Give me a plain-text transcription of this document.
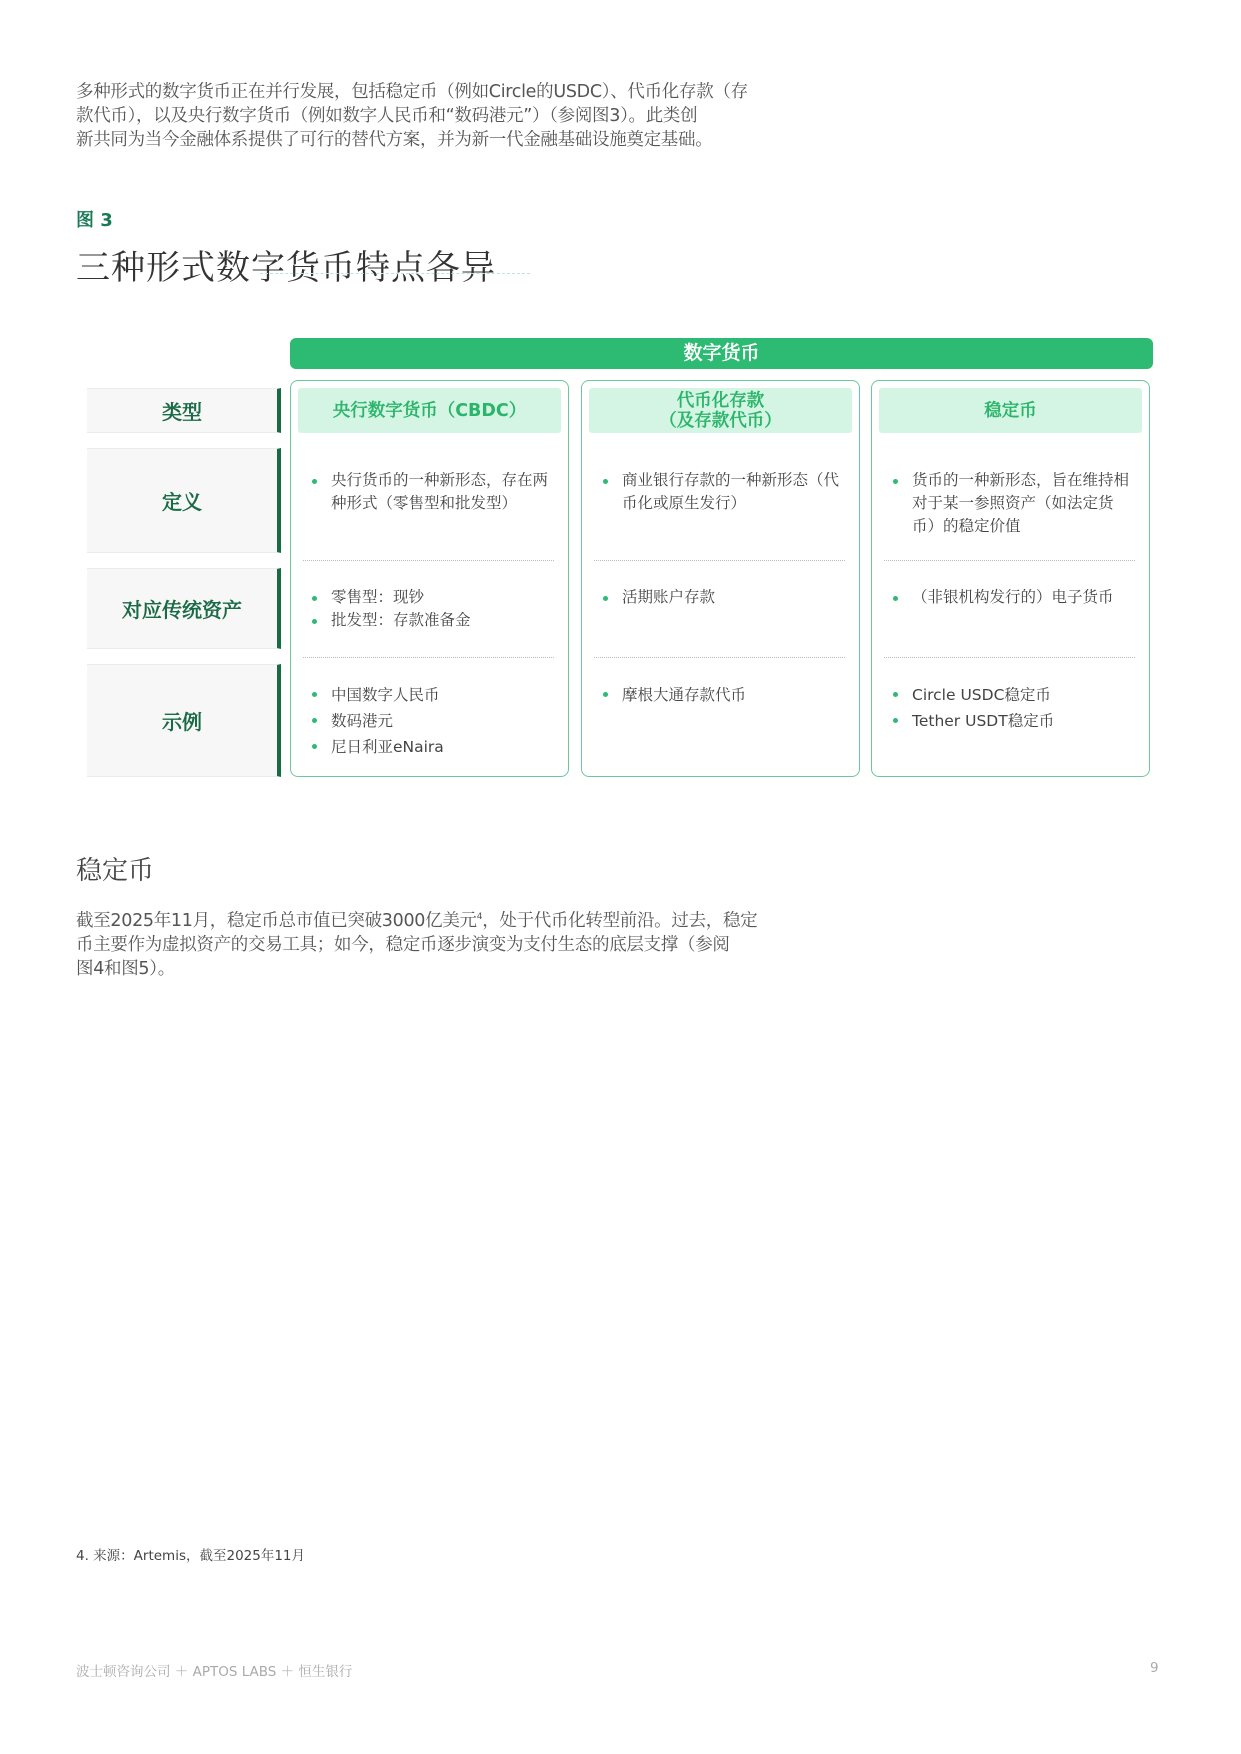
多种形式的数字货币正在并行发展，包括稳定币（例如Circle的USDC）、代币化存款（存
款代币），以及央行数字货币（例如数字人民币和“数码港元”）（参阅图3）。此类创
新共同为当今金融体系提供了可行的替代方案，并为新一代金融基础设施奠定基础。
图 3
三种形式数字货币特点各异
数字货币
类型
定义
对应传统资产
示例
央行数字货币（CBDC）
央行货币的一种新形态，存在两种形式（零售型和批发型）
零售型：现钞
批发型：存款准备金
中国数字人民币
数码港元
尼日利亚eNaira
代币化存款
（及存款代币）
商业银行存款的一种新形态（代币化或原生发行）
活期账户存款
摩根大通存款代币
稳定币
货币的一种新形态，旨在维持相对于某一参照资产（如法定货币）的稳定价值
（非银机构发行的）电子货币
Circle USDC稳定币
Tether USDT稳定币
稳定币
截至2025年11月，稳定币总市值已突破3000亿美元$^4$，处于代币化转型前沿。过去，稳定
币主要作为虚拟资产的交易工具；如今，稳定币逐步演变为支付生态的底层支撑（参阅
图4和图5）。
4. 来源：Artemis，截至2025年11月
波士顿咨询公司 ＋ APTOS LABS ＋ 恒生银行	9
